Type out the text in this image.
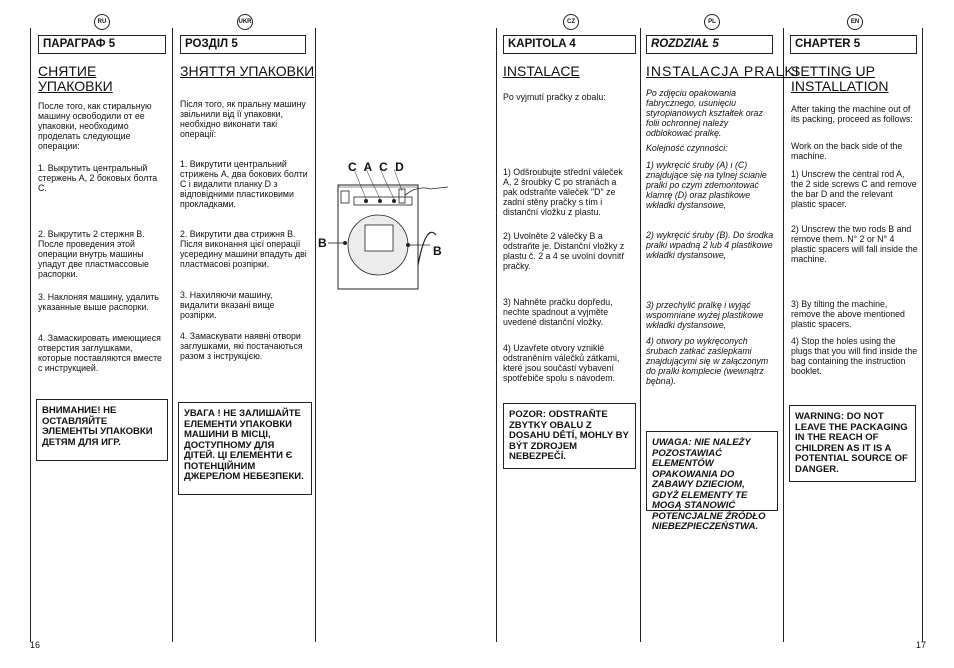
RU	UKR	CZ	PL	EN
ПАРАГРАФ 5
СНЯТИЕ
УПАКОВКИ

После того, как стиральную машину освободили от ее упаковки, необходимо проделать следующие операции:

1. Выкрутить центральный стержень A, 2 боковых болта C.

2. Выкрутить 2 стержня B. После проведения этой операции внутрь машины упадут две пластмассовые распорки.

3. Наклоняя машину, удалить указанные выше распорки.

4. Замаскировать имеющиеся отверстия заглушками, которые поставляются вместе с инструкцией.

ВНИМАНИЕ! НЕ ОСТАВЛЯЙТЕ ЭЛЕМЕНТЫ УПАКОВКИ ДЕТЯМ ДЛЯ ИГР.
РОЗДІЛ 5
ЗНЯТТЯ УПАКОВКИ

Після того, як пральну машину звільнили від її упаковки, необхідно виконати такі операції:

1. Викрутити центральний стрижень A, два бокових болти C і видалити планку D з відповідними пластиковими прокладками.

2. Викрутити два стрижня B. Після виконання цієї операції усередину машини впадуть дві пластмасові розпірки.

3. Нахиляючи машину, видалити вказані вище розпірки.

4. Замаскувати наявні отвори заглушками, які постачаються разом з інструкцією.

УВАГА ! НЕ ЗАЛИШАЙТЕ ЕЛЕМЕНТИ УПАКОВКИ МАШИНИ В МІСЦІ, ДОСТУПНОМУ ДЛЯ ДІТЕЙ. ЦІ ЕЛЕМЕНТИ Є ПОТЕНЦІЙНИМ ДЖЕРЕЛОМ НЕБЕЗПЕКИ.
C A C D
B
B
KAPITOLA 4
INSTALACE

Po vyjmutí pračky z obalu:

1) Odšroubujte střední váleček A, 2 šroubky C po stranách a pak odstraňte váleček "D" ze zadní stěny pračky s tím i distanční vložku z plastu.

2) Uvolněte 2 válečky B a odstraňte je. Distanční vložky z plastu č. 2 a 4 se uvolní dovnitř pračky.

3) Nahněte pračku dopředu, nechte spadnout a vyjměte uvedené distanční vložky.

4) Uzavřete otvory vzniklé odstraněním válečků zátkami, které jsou součástí vybavení spotřebiče spolu s návodem.

POZOR: ODSTRAŇTE ZBYTKY OBALU Z DOSAHU DĚTÍ, MOHLY BY BÝT ZDROJEM NEBEZPEČÍ.
ROZDZIAŁ 5
INSTALACJA PRALKI

Po zdjęciu opakowania fabrycznego, usunięciu styropianowych kształtek oraz folii ochronnej należy odblokować pralkę.

Kolejność czynności:

1) wykręcić śruby (A) i (C) znajdujące się na tylnej ścianie pralki po czym zdemontować klamrę (D) oraz plastikowe wkładki dystansowe,

2) wykręcić śruby (B). Do środka pralki wpadną 2 lub 4 plastikowe wkładki dystansowe,

3) przechylić pralkę i wyjąć wspomniane wyżej plastikowe wkładki dystansowe,

4) otwory po wykręconych śrubach zatkać zaślepkami znajdującymi się w załączonym do pralki komplecie (wewnątrz bębna).

UWAGA: NIE NALEŻY POZOSTAWIAĆ ELEMENTÓW OPAKOWANIA DO ZABAWY DZIECIOM, GDYŻ ELEMENTY TE MOGĄ STANOWIĆ POTENCJALNE ŹRÓDŁO NIEBEZPIECZEŃSTWA.
CHAPTER 5
SETTING UP
INSTALLATION

After taking the machine out of its packing, proceed as follows:

Work on the back side of the machine.

1) Unscrew the central rod A, the 2 side screws C and remove the bar D and the relevant plastic spacer.

2) Unscrew the two rods B and remove them. N° 2 or N° 4 plastic spacers will fall inside the machine.

3) By tilting the machine, remove the above mentioned plastic spacers.

4) Stop the holes using the plugs that you will find inside the bag containing the instruction booklet.

WARNING: DO NOT LEAVE THE PACKAGING IN THE REACH OF CHILDREN AS IT IS A POTENTIAL SOURCE OF DANGER.
16	17
